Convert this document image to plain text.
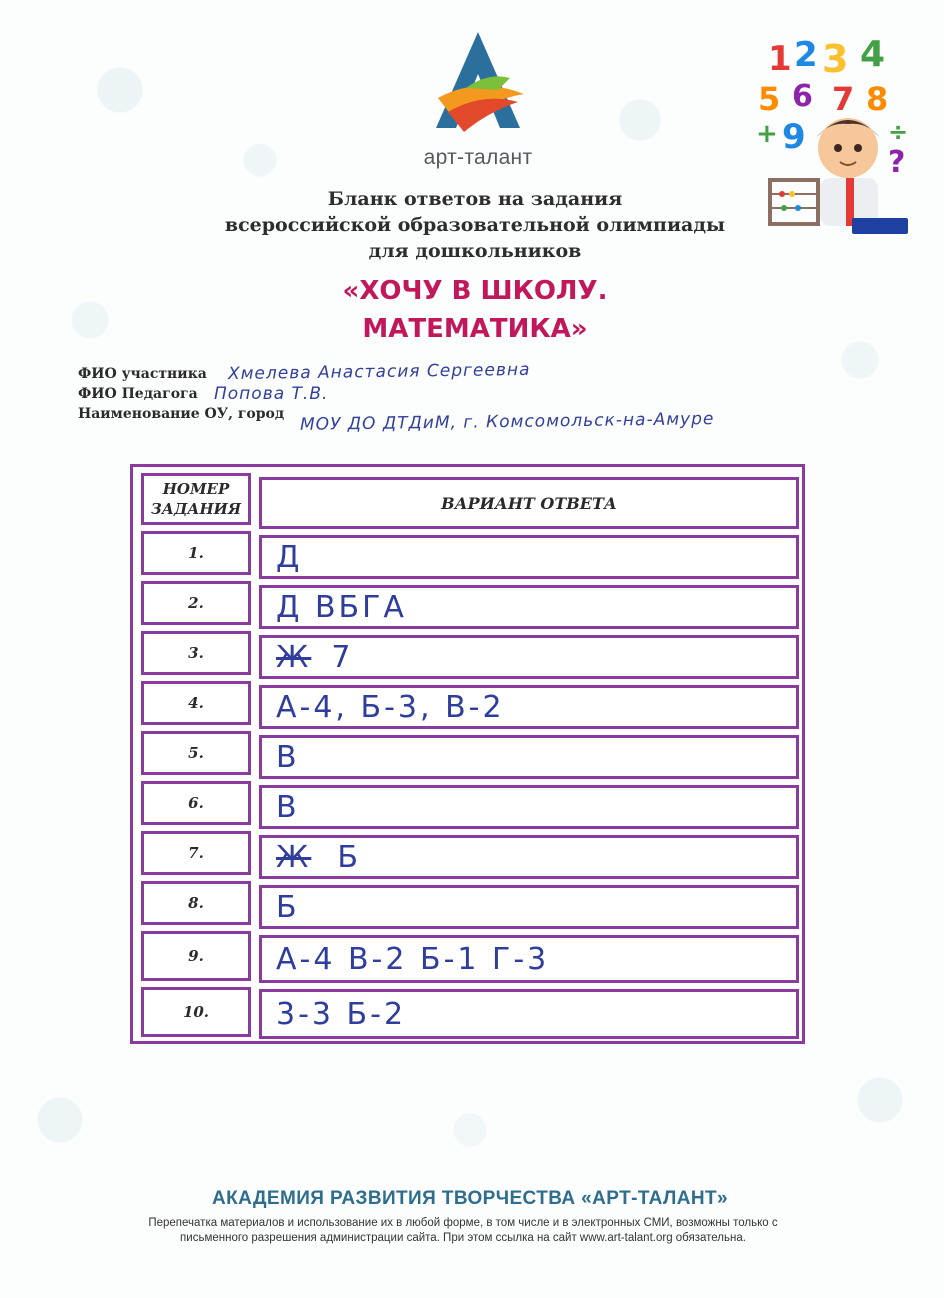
арт-талант
1 2 3 4
5 6 7 8
+ 9	÷
?
Бланк ответов на задания
всероссийской образовательной олимпиады
для дошкольников
«ХОЧУ В ШКОЛУ.
МАТЕМАТИКА»
ФИО участника Хмелева Анастасия Сергеевна
ФИО Педагога Попова Т.В.
Наименование ОУ, город МОУ ДО ДТДиМ, г. Комсомольск-на-Амуре
НОМЕР
ЗАДАНИЯ	ВАРИАНТ ОТВЕТА
1.	Д
2.	Д ВБГА
3.	Ж 7
4.	А-4, Б-3, В-2
5.	В
6.	В
7.	Ж Б
8.	Б
9.	А-4 В-2 Б-1 Г-3
10.	3-3 Б-2
АКАДЕМИЯ РАЗВИТИЯ ТВОРЧЕСТВА «АРТ-ТАЛАНТ»
Перепечатка материалов и использование их в любой форме, в том числе и в электронных СМИ, возможны только с
письменного разрешения администрации сайта. При этом ссылка на сайт www.art-talant.org обязательна.
